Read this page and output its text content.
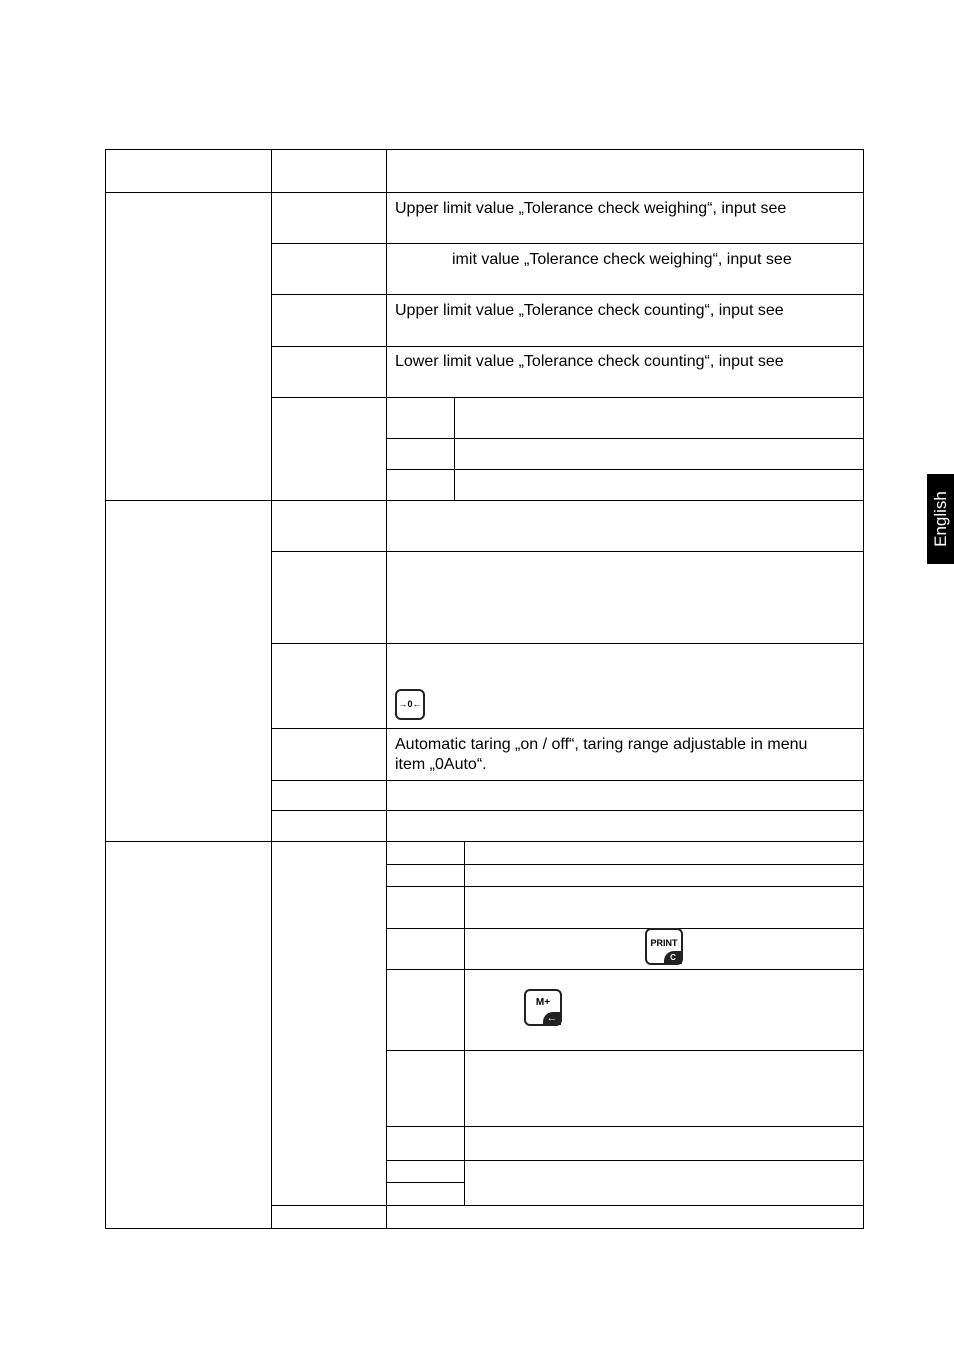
Upper limit value „Tolerance check weighing“, input see
imit value „Tolerance check weighing“, input see
Upper limit value „Tolerance check counting“, input see
Lower limit value „Tolerance check counting“, input see
Automatic taring „on / off“, taring range adjustable in menu
item „0Auto“.
→0←
PRINT
C
M+
←
English
